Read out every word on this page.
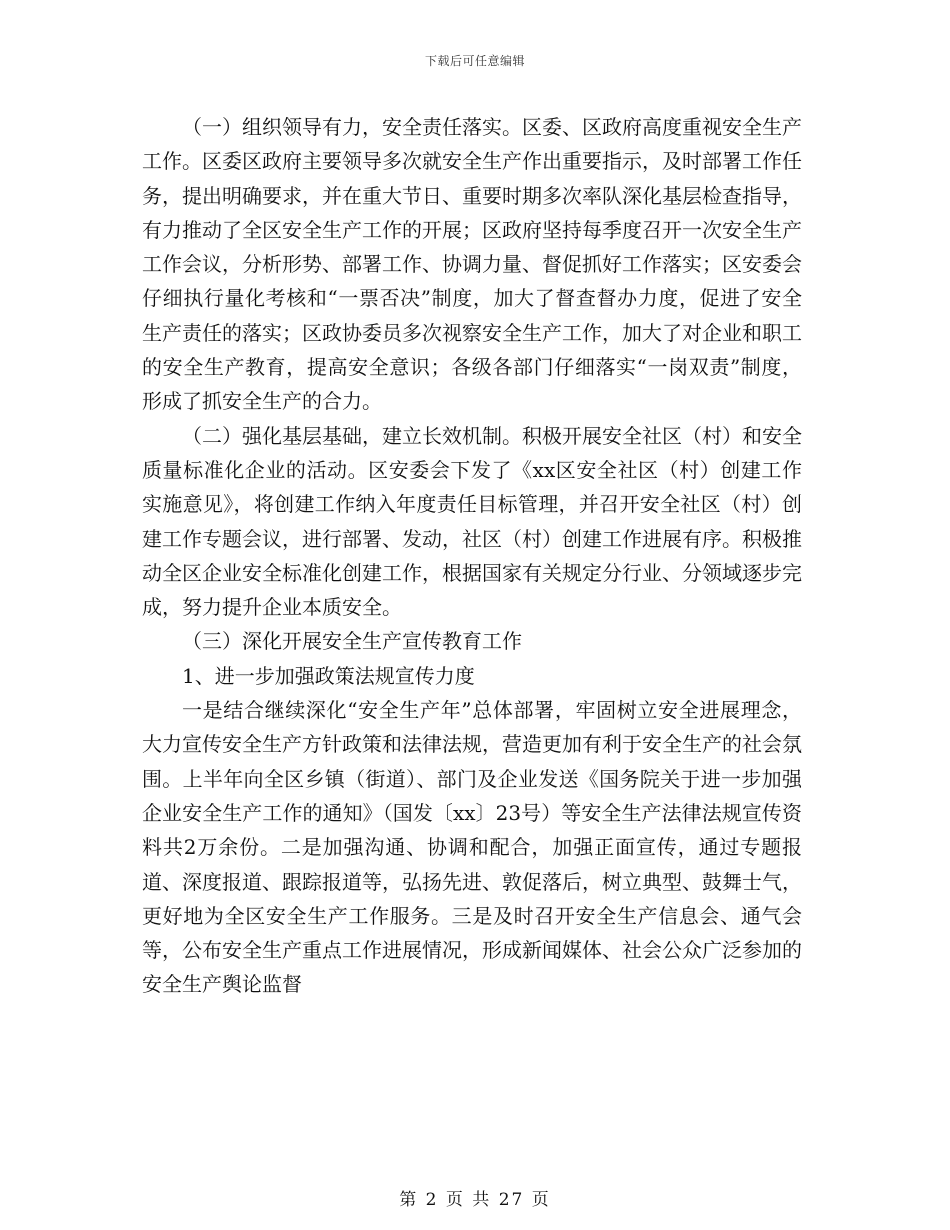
下载后可任意编辑

（一）组织领导有力，安全责任落实。区委、区政府高度重视安全生产工作。区委区政府主要领导多次就安全生产作出重要指示，及时部署工作任务，提出明确要求，并在重大节日、重要时期多次率队深化基层检查指导，有力推动了全区安全生产工作的开展；区政府坚持每季度召开一次安全生产工作会议，分析形势、部署工作、协调力量、督促抓好工作落实；区安委会仔细执行量化考核和“一票否决”制度，加大了督查督办力度，促进了安全生产责任的落实；区政协委员多次视察安全生产工作，加大了对企业和职工的安全生产教育，提高安全意识；各级各部门仔细落实“一岗双责”制度，形成了抓安全生产的合力。

（二）强化基层基础，建立长效机制。积极开展安全社区（村）和安全质量标准化企业的活动。区安委会下发了《xx区安全社区（村）创建工作实施意见》，将创建工作纳入年度责任目标管理，并召开安全社区（村）创建工作专题会议，进行部署、发动，社区（村）创建工作进展有序。积极推动全区企业安全标准化创建工作，根据国家有关规定分行业、分领域逐步完成，努力提升企业本质安全。

（三）深化开展安全生产宣传教育工作

1、进一步加强政策法规宣传力度

一是结合继续深化“安全生产年”总体部署，牢固树立安全进展理念，大力宣传安全生产方针政策和法律法规，营造更加有利于安全生产的社会氛围。上半年向全区乡镇（街道）、部门及企业发送《国务院关于进一步加强企业安全生产工作的通知》（国发〔xx〕23号）等安全生产法律法规宣传资料共2万余份。二是加强沟通、协调和配合，加强正面宣传，通过专题报道、深度报道、跟踪报道等，弘扬先进、敦促落后，树立典型、鼓舞士气，更好地为全区安全生产工作服务。三是及时召开安全生产信息会、通气会等，公布安全生产重点工作进展情况，形成新闻媒体、社会公众广泛参加的安全生产舆论监督

第 2 页 共 27 页
